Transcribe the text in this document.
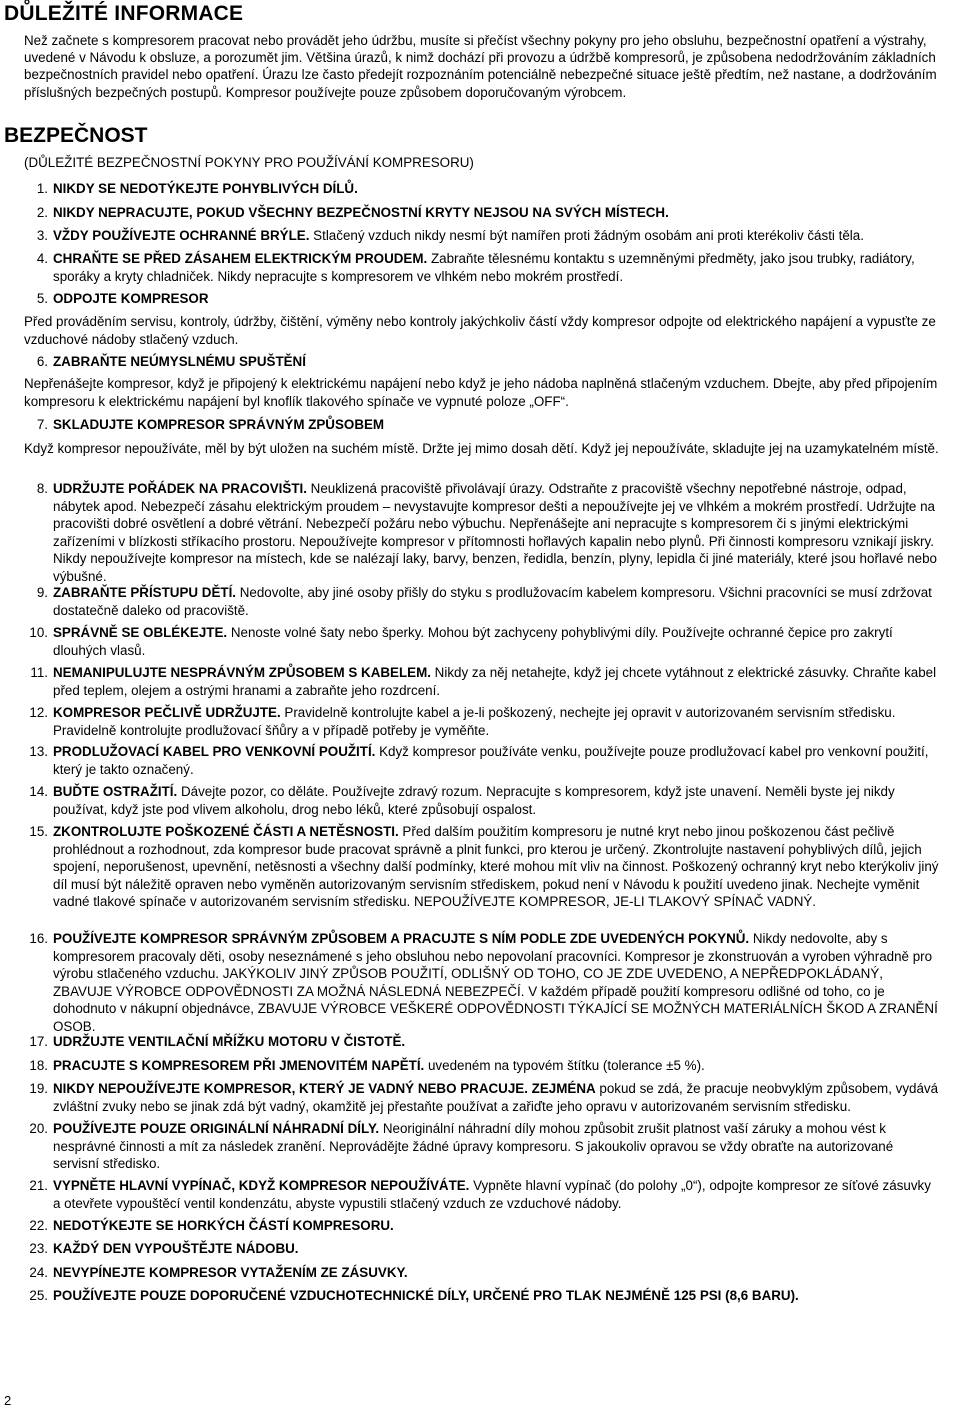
DŮLEŽITÉ INFORMACE
Než začnete s kompresorem pracovat nebo provádět jeho údržbu, musíte si přečíst všechny pokyny pro jeho obsluhu, bezpečnostní opatření a výstrahy, uvedené v Návodu k obsluze, a porozumět jim. Většina úrazů, k nimž dochází při provozu a údržbě kompresorů, je způsobena nedodržováním základních bezpečnostních pravidel nebo opatření. Úrazu lze často předejít rozpoznáním potenciálně nebezpečné situace ještě předtím, než nastane, a dodržováním příslušných bezpečných postupů. Kompresor používejte pouze způsobem doporučovaným výrobcem.
BEZPEČNOST
(DŮLEŽITÉ BEZPEČNOSTNÍ POKYNY PRO POUŽÍVÁNÍ KOMPRESORU)
1. NIKDY SE NEDOTÝKEJTE POHYBLIVÝCH DÍLŮ.
2. NIKDY NEPRACUJTE, POKUD VŠECHNY BEZPEČNOSTNÍ KRYTY NEJSOU NA SVÝCH MÍSTECH.
3. VŽDY POUŽÍVEJTE OCHRANNÉ BRÝLE. Stlačený vzduch nikdy nesmí být namířen proti žádným osobám ani proti kterékoliv části těla.
4. CHRAŇTE SE PŘED ZÁSAHEM ELEKTRICKÝM PROUDEM. Zabraňte tělesnému kontaktu s uzemněnými předměty, jako jsou trubky, radiátory, sporáky a kryty chladniček. Nikdy nepracujte s kompresorem ve vlhkém nebo mokrém prostředí.
5. ODPOJTE KOMPRESOR
Před prováděním servisu, kontroly, údržby, čištění, výměny nebo kontroly jakýchkoliv částí vždy kompresor odpojte od elektrického napájení a vypusťte ze vzduchové nádoby stlačený vzduch.
6. ZABRAŇTE NEÚMYSLNÉMU SPUŠTĚNÍ
Nepřenášejte kompresor, když je připojený k elektrickému napájení nebo když je jeho nádoba naplněná stlačeným vzduchem. Dbejte, aby před připojením kompresoru k elektrickému napájení byl knoflík tlakového spínače ve vypnuté poloze „OFF“.
7. SKLADUJTE KOMPRESOR SPRÁVNÝM ZPŮSOBEM
Když kompresor nepoužíváte, měl by být uložen na suchém místě. Držte jej mimo dosah dětí. Když jej nepoužíváte, skladujte jej na uzamykatelném místě.
8. UDRŽUJTE POŘÁDEK NA PRACOVIŠTI. Neuklizená pracoviště přivolávají úrazy. Odstraňte z pracoviště všechny nepotřebné nástroje, odpad, nábytek apod. Nebezpečí zásahu elektrickým proudem – nevystavujte kompresor dešti a nepoužívejte jej ve vlhkém a mokrém prostředí. Udržujte na pracovišti dobré osvětlení a dobré větrání. Nebezpečí požáru nebo výbuchu. Nepřenášejte ani nepracujte s kompresorem či s jinými elektrickými zařízeními v blízkosti stříkacího prostoru. Nepoužívejte kompresor v přítomnosti hořlavých kapalin nebo plynů. Při činnosti kompresoru vznikají jiskry. Nikdy nepoužívejte kompresor na místech, kde se nalézají laky, barvy, benzen, ředidla, benzín, plyny, lepidla či jiné materiály, které jsou hořlavé nebo výbušné.
9. ZABRAŇTE PŘÍSTUPU DĚTÍ. Nedovolte, aby jiné osoby přišly do styku s prodlužovacím kabelem kompresoru. Všichni pracovníci se musí zdržovat dostatečně daleko od pracoviště.
10. SPRÁVNĚ SE OBLÉKEJTE. Nenoste volné šaty nebo šperky. Mohou být zachyceny pohyblivými díly. Používejte ochranné čepice pro zakrytí dlouhých vlasů.
11. NEMANIPULUJTE NESPRÁVNÝM ZPŮSOBEM S KABELEM. Nikdy za něj netahejte, když jej chcete vytáhnout z elektrické zásuvky. Chraňte kabel před teplem, olejem a ostrými hranami a zabraňte jeho rozdrcení.
12. KOMPRESOR PEČLIVĚ UDRŽUJTE. Pravidelně kontrolujte kabel a je-li poškozený, nechejte jej opravit v autorizovaném servisním středisku. Pravidelně kontrolujte prodlužovací šňůry a v případě potřeby je vyměňte.
13. PRODLUŽOVACÍ KABEL PRO VENKOVNÍ POUŽITÍ. Když kompresor používáte venku, používejte pouze prodlužovací kabel pro venkovní použití, který je takto označený.
14. BUĎTE OSTRAŽITÍ. Dávejte pozor, co děláte. Používejte zdravý rozum. Nepracujte s kompresorem, když jste unavení. Neměli byste jej nikdy používat, když jste pod vlivem alkoholu, drog nebo léků, které způsobují ospalost.
15. ZKONTROLUJTE POŠKOZENÉ ČÁSTI A NETĚSNOSTI. Před dalším použitím kompresoru je nutné kryt nebo jinou poškozenou část pečlivě prohlédnout a rozhodnout, zda kompresor bude pracovat správně a plnit funkci, pro kterou je určený. Zkontrolujte nastavení pohyblivých dílů, jejich spojení, neporušenost, upevnění, netěsnosti a všechny další podmínky, které mohou mít vliv na činnost. Poškozený ochranný kryt nebo kterýkoliv jiný díl musí být náležitě opraven nebo vyměněn autorizovaným servisním střediskem, pokud není v Návodu k použití uvedeno jinak. Nechejte vyměnit vadné tlakové spínače v autorizovaném servisním středisku. NEPOUŽÍVEJTE KOMPRESOR, JE-LI TLAKOVÝ SPÍNAČ VADNÝ.
16. POUŽÍVEJTE KOMPRESOR SPRÁVNÝM ZPŮSOBEM A PRACUJTE S NÍM PODLE ZDE UVEDENÝCH POKYNŮ. Nikdy nedovolte, aby s kompresorem pracovaly děti, osoby neseznámené s jeho obsluhou nebo nepovolaní pracovníci. Kompresor je zkonstruován a vyroben výhradně pro výrobu stlačeného vzduchu. JAKÝKOLIV JINÝ ZPŮSOB POUŽITÍ, ODLIŠNÝ OD TOHO, CO JE ZDE UVEDENO, A NEPŘEDPOKLÁDANÝ, ZBAVUJE VÝROBCE ODPOVĚDNOSTI ZA MOŽNÁ NÁSLEDNÁ NEBEZPEČÍ. V každém případě použití kompresoru odlišné od toho, co je dohodnuto v nákupní objednávce, ZBAVUJE VÝROBCE VEŠKERÉ ODPOVĚDNOSTI TÝKAJÍCÍ SE MOŽNÝCH MATERIÁLNÍCH ŠKOD A ZRANĚNÍ OSOB.
17. UDRŽUJTE VENTILAČNÍ MŘÍŽKU MOTORU V ČISTOTĚ.
18. PRACUJTE S KOMPRESOREM PŘI JMENOVITÉM NAPĚTÍ. uvedeném na typovém štítku (tolerance ±5 %).
19. NIKDY NEPOUŽÍVEJTE KOMPRESOR, KTERÝ JE VADNÝ NEBO PRACUJE. ZEJMÉNA pokud se zdá, že pracuje neobvyklým způsobem, vydává zvláštní zvuky nebo se jinak zdá být vadný, okamžitě jej přestaňte používat a zařiďte jeho opravu v autorizovaném servisním středisku.
20. POUŽÍVEJTE POUZE ORIGINÁLNÍ NÁHRADNÍ DÍLY. Neoriginální náhradní díly mohou způsobit zrušit platnost vaší záruky a mohou vést k nesprávné činnosti a mít za následek zranění. Neprovádějte žádné úpravy kompresoru. S jakoukoliv opravou se vždy obraťte na autorizované servisní středisko.
21. VYPNĚTE HLAVNÍ VYPÍNAČ, KDYŽ KOMPRESOR NEPOUŽÍVÁTE. Vypněte hlavní vypínač (do polohy „0“), odpojte kompresor ze síťové zásuvky a otevřete vypouštěcí ventil kondenzátu, abyste vypustili stlačený vzduch ze vzduchové nádoby.
22. NEDOTÝKEJTE SE HORKÝCH ČÁSTÍ KOMPRESORU.
23. KAŽDÝ DEN VYPOUŠTĚJTE NÁDOBU.
24. NEVYPÍNEJTE KOMPRESOR VYTAŽENÍM ZE ZÁSUVKY.
25. POUŽÍVEJTE POUZE DOPORUČENÉ VZDUCHOTECHNICKÉ DÍLY, URČENÉ PRO TLAK NEJMÉNĚ 125 PSI (8,6 BARU).
2
